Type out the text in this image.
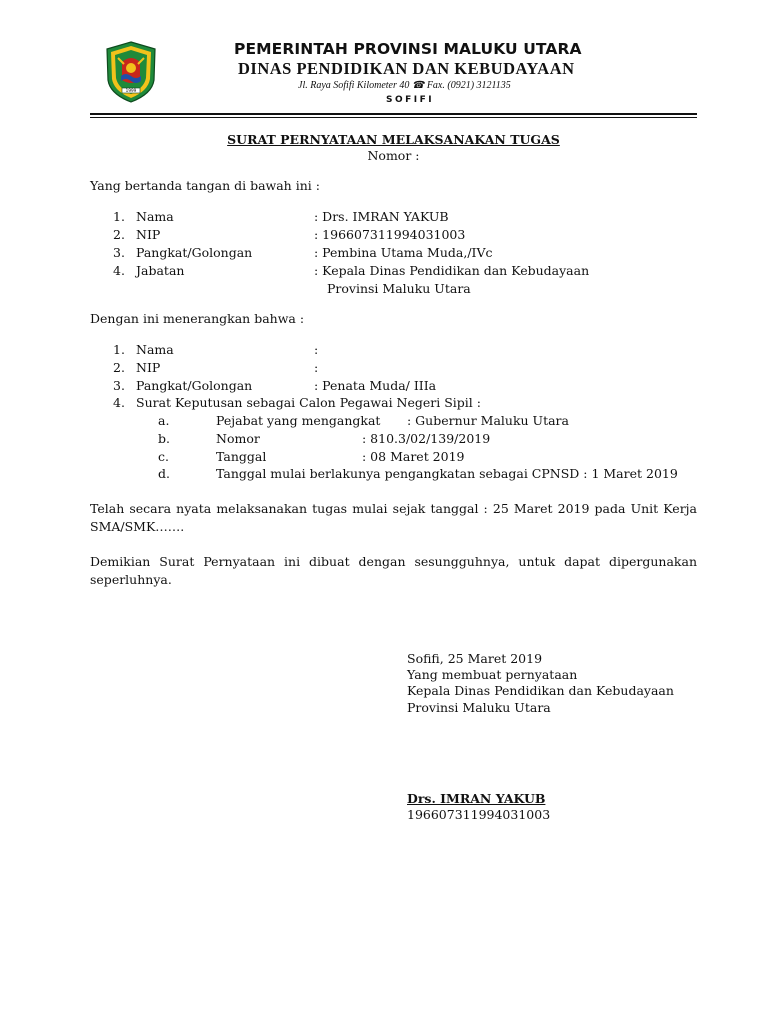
1999
PEMERINTAH PROVINSI MALUKU UTARA
DINAS PENDIDIKAN DAN KEBUDAYAAN
Jl. Raya Sofifi Kilometer 40 ☎ Fax. (0921) 3121135
SOFIFI
SURAT PERNYATAAN MELAKSANAKAN TUGAS
Nomor :
Yang bertanda tangan di bawah ini :
1. Nama	: Drs. IMRAN YAKUB
2. NIP	: 196607311994031003
3. Pangkat/Golongan	: Pembina Utama Muda,/IVc
4. Jabatan	: Kepala Dinas Pendidikan dan Kebudayaan
Provinsi Maluku Utara
Dengan ini menerangkan bahwa :
1. Nama	:
2. NIP	:
3. Pangkat/Golongan	: Penata Muda/ IIIa
4. Surat Keputusan sebagai Calon Pegawai Negeri Sipil :
a.	Pejabat yang mengangkat : Gubernur Maluku Utara
b.	Nomor	: 810.3/02/139/2019
c.	Tanggal	: 08 Maret 2019
d.	Tanggal mulai berlakunya pengangkatan sebagai CPNSD : 1 Maret 2019
Telah secara nyata melaksanakan tugas mulai sejak tanggal : 25 Maret 2019 pada Unit Kerja SMA/SMK…….
Demikian Surat Pernyataan ini dibuat dengan sesungguhnya, untuk dapat dipergunakan seperluhnya.
Sofifi, 25 Maret 2019
Yang membuat pernyataan
Kepala Dinas Pendidikan dan Kebudayaan
Provinsi Maluku Utara
Drs. IMRAN YAKUB
196607311994031003
